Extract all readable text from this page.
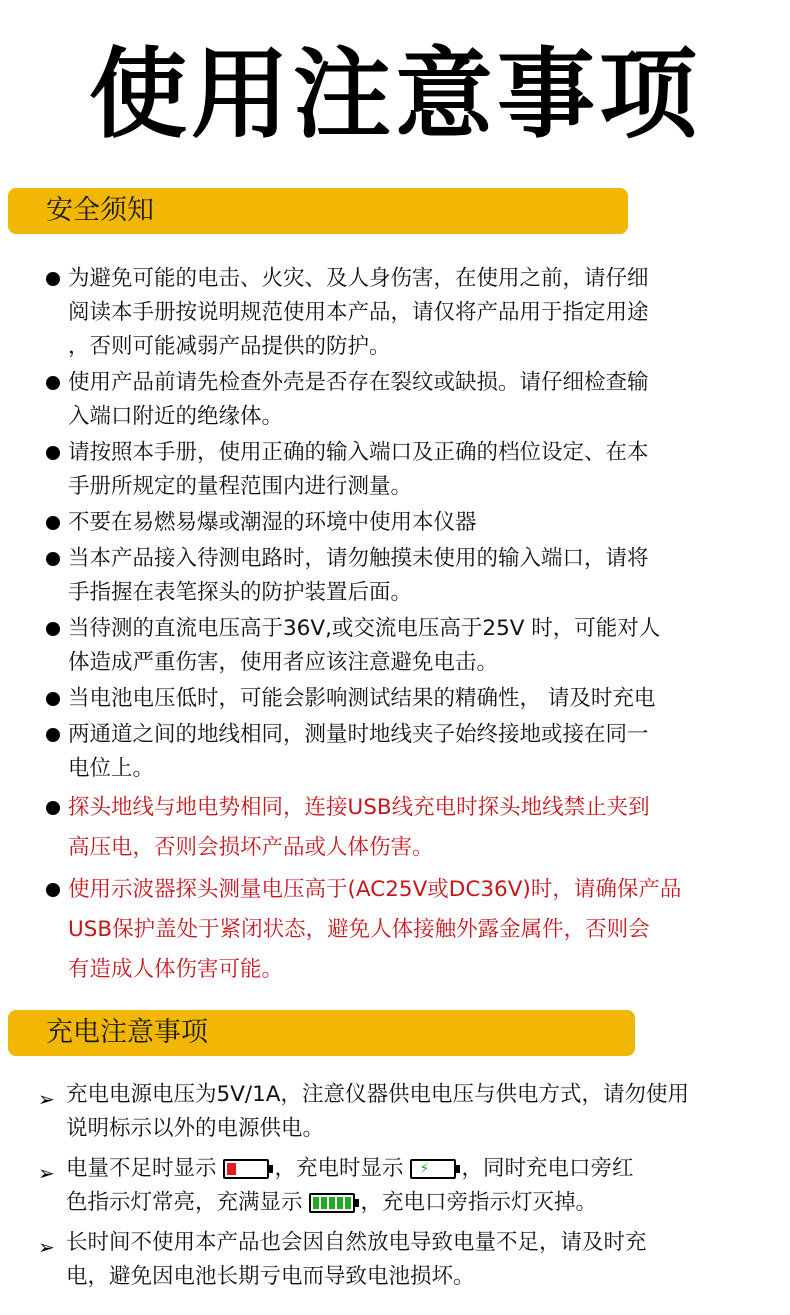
使用注意事项
安全须知
为避免可能的电击、火灾、及人身伤害，在使用之前，请仔细
阅读本手册按说明规范使用本产品，请仅将产品用于指定用途
，否则可能减弱产品提供的防护。
使用产品前请先检查外壳是否存在裂纹或缺损。请仔细检查输
入端口附近的绝缘体。
请按照本手册，使用正确的输入端口及正确的档位设定、在本
手册所规定的量程范围内进行测量。
不要在易燃易爆或潮湿的环境中使用本仪器
当本产品接入待测电路时，请勿触摸未使用的输入端口，请将
手指握在表笔探头的防护装置后面。
当待测的直流电压高于36V,或交流电压高于25V 时，可能对人
体造成严重伤害，使用者应该注意避免电击。
当电池电压低时，可能会影响测试结果的精确性， 请及时充电
两通道之间的地线相同，测量时地线夹子始终接地或接在同一
电位上。
探头地线与地电势相同，连接USB线充电时探头地线禁止夹到
高压电，否则会损坏产品或人体伤害。
使用示波器探头测量电压高于(AC25V或DC36V)时，请确保产品
USB保护盖处于紧闭状态，避免人体接触外露金属件，否则会
有造成人体伤害可能。
充电注意事项
➢ 充电电源电压为5V/1A，注意仪器供电电压与供电方式，请勿使用
说明标示以外的电源供电。
➢ 电量不足时显示	，充电时显示 ⚡ ，同时充电口旁红
色指示灯常亮，充满显示	，充电口旁指示灯灭掉。
➢ 长时间不使用本产品也会因自然放电导致电量不足，请及时充
电，避免因电池长期亏电而导致电池损坏。
